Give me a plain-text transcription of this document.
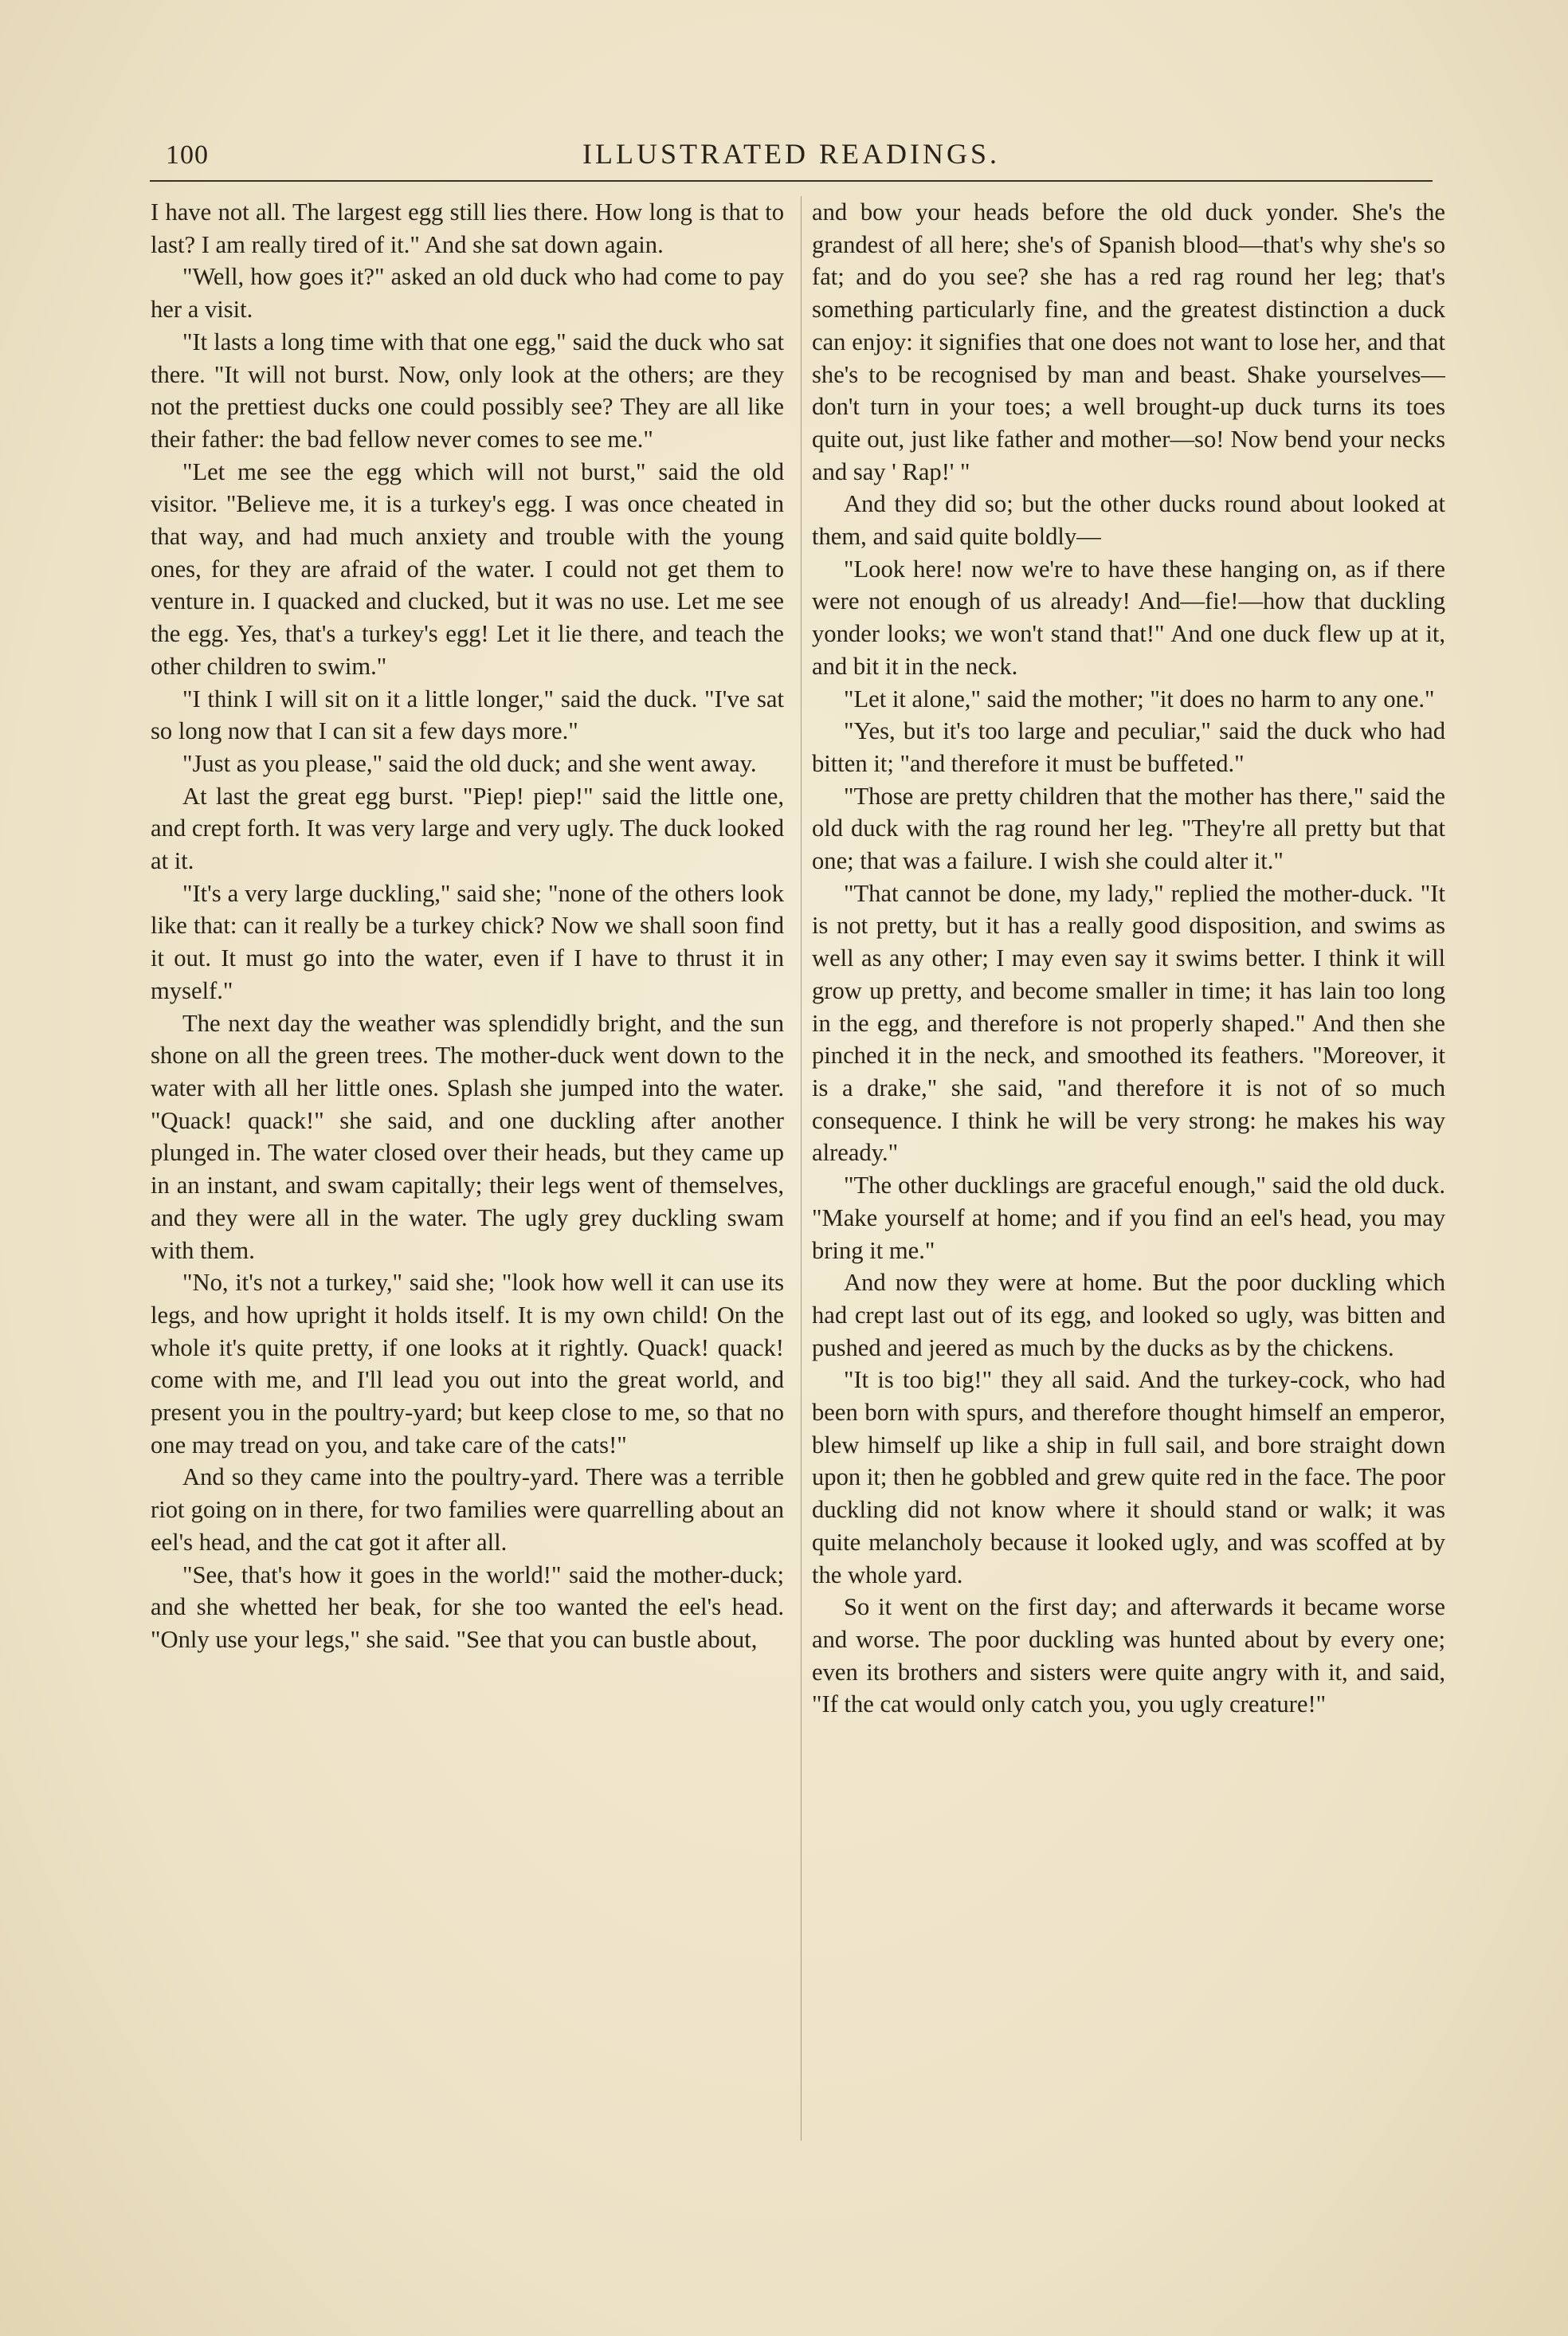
100	ILLUSTRATED READINGS.

I have not all. The largest egg still lies there. How long is that to last? I am really tired of it." And she sat down again.

"Well, how goes it?" asked an old duck who had come to pay her a visit.

"It lasts a long time with that one egg," said the duck who sat there. "It will not burst. Now, only look at the others; are they not the prettiest ducks one could possibly see? They are all like their father: the bad fellow never comes to see me."

"Let me see the egg which will not burst," said the old visitor. "Believe me, it is a turkey's egg. I was once cheated in that way, and had much anxiety and trouble with the young ones, for they are afraid of the water. I could not get them to venture in. I quacked and clucked, but it was no use. Let me see the egg. Yes, that's a turkey's egg! Let it lie there, and teach the other children to swim."

"I think I will sit on it a little longer," said the duck. "I've sat so long now that I can sit a few days more."

"Just as you please," said the old duck; and she went away.

At last the great egg burst. "Piep! piep!" said the little one, and crept forth. It was very large and very ugly. The duck looked at it.

"It's a very large duckling," said she; "none of the others look like that: can it really be a turkey chick? Now we shall soon find it out. It must go into the water, even if I have to thrust it in myself."

The next day the weather was splendidly bright, and the sun shone on all the green trees. The mother-duck went down to the water with all her little ones. Splash she jumped into the water. "Quack! quack!" she said, and one duckling after another plunged in. The water closed over their heads, but they came up in an instant, and swam capitally; their legs went of themselves, and they were all in the water. The ugly grey duckling swam with them.

"No, it's not a turkey," said she; "look how well it can use its legs, and how upright it holds itself. It is my own child! On the whole it's quite pretty, if one looks at it rightly. Quack! quack! come with me, and I'll lead you out into the great world, and present you in the poultry-yard; but keep close to me, so that no one may tread on you, and take care of the cats!"

And so they came into the poultry-yard. There was a terrible riot going on in there, for two families were quarrelling about an eel's head, and the cat got it after all.

"See, that's how it goes in the world!" said the mother-duck; and she whetted her beak, for she too wanted the eel's head. "Only use your legs," she said. "See that you can bustle about,

and bow your heads before the old duck yonder. She's the grandest of all here; she's of Spanish blood—that's why she's so fat; and do you see? she has a red rag round her leg; that's something particularly fine, and the greatest distinction a duck can enjoy: it signifies that one does not want to lose her, and that she's to be recognised by man and beast. Shake yourselves—don't turn in your toes; a well brought-up duck turns its toes quite out, just like father and mother—so! Now bend your necks and say ' Rap!' "

And they did so; but the other ducks round about looked at them, and said quite boldly—

"Look here! now we're to have these hanging on, as if there were not enough of us already! And—fie!—how that duckling yonder looks; we won't stand that!" And one duck flew up at it, and bit it in the neck.

"Let it alone," said the mother; "it does no harm to any one."

"Yes, but it's too large and peculiar," said the duck who had bitten it; "and therefore it must be buffeted."

"Those are pretty children that the mother has there," said the old duck with the rag round her leg. "They're all pretty but that one; that was a failure. I wish she could alter it."

"That cannot be done, my lady," replied the mother-duck. "It is not pretty, but it has a really good disposition, and swims as well as any other; I may even say it swims better. I think it will grow up pretty, and become smaller in time; it has lain too long in the egg, and therefore is not properly shaped." And then she pinched it in the neck, and smoothed its feathers. "Moreover, it is a drake," she said, "and therefore it is not of so much consequence. I think he will be very strong: he makes his way already."

"The other ducklings are graceful enough," said the old duck. "Make yourself at home; and if you find an eel's head, you may bring it me."

And now they were at home. But the poor duckling which had crept last out of its egg, and looked so ugly, was bitten and pushed and jeered as much by the ducks as by the chickens.

"It is too big!" they all said. And the turkey-cock, who had been born with spurs, and therefore thought himself an emperor, blew himself up like a ship in full sail, and bore straight down upon it; then he gobbled and grew quite red in the face. The poor duckling did not know where it should stand or walk; it was quite melancholy because it looked ugly, and was scoffed at by the whole yard.

So it went on the first day; and afterwards it became worse and worse. The poor duckling was hunted about by every one; even its brothers and sisters were quite angry with it, and said, "If the cat would only catch you, you ugly creature!"
